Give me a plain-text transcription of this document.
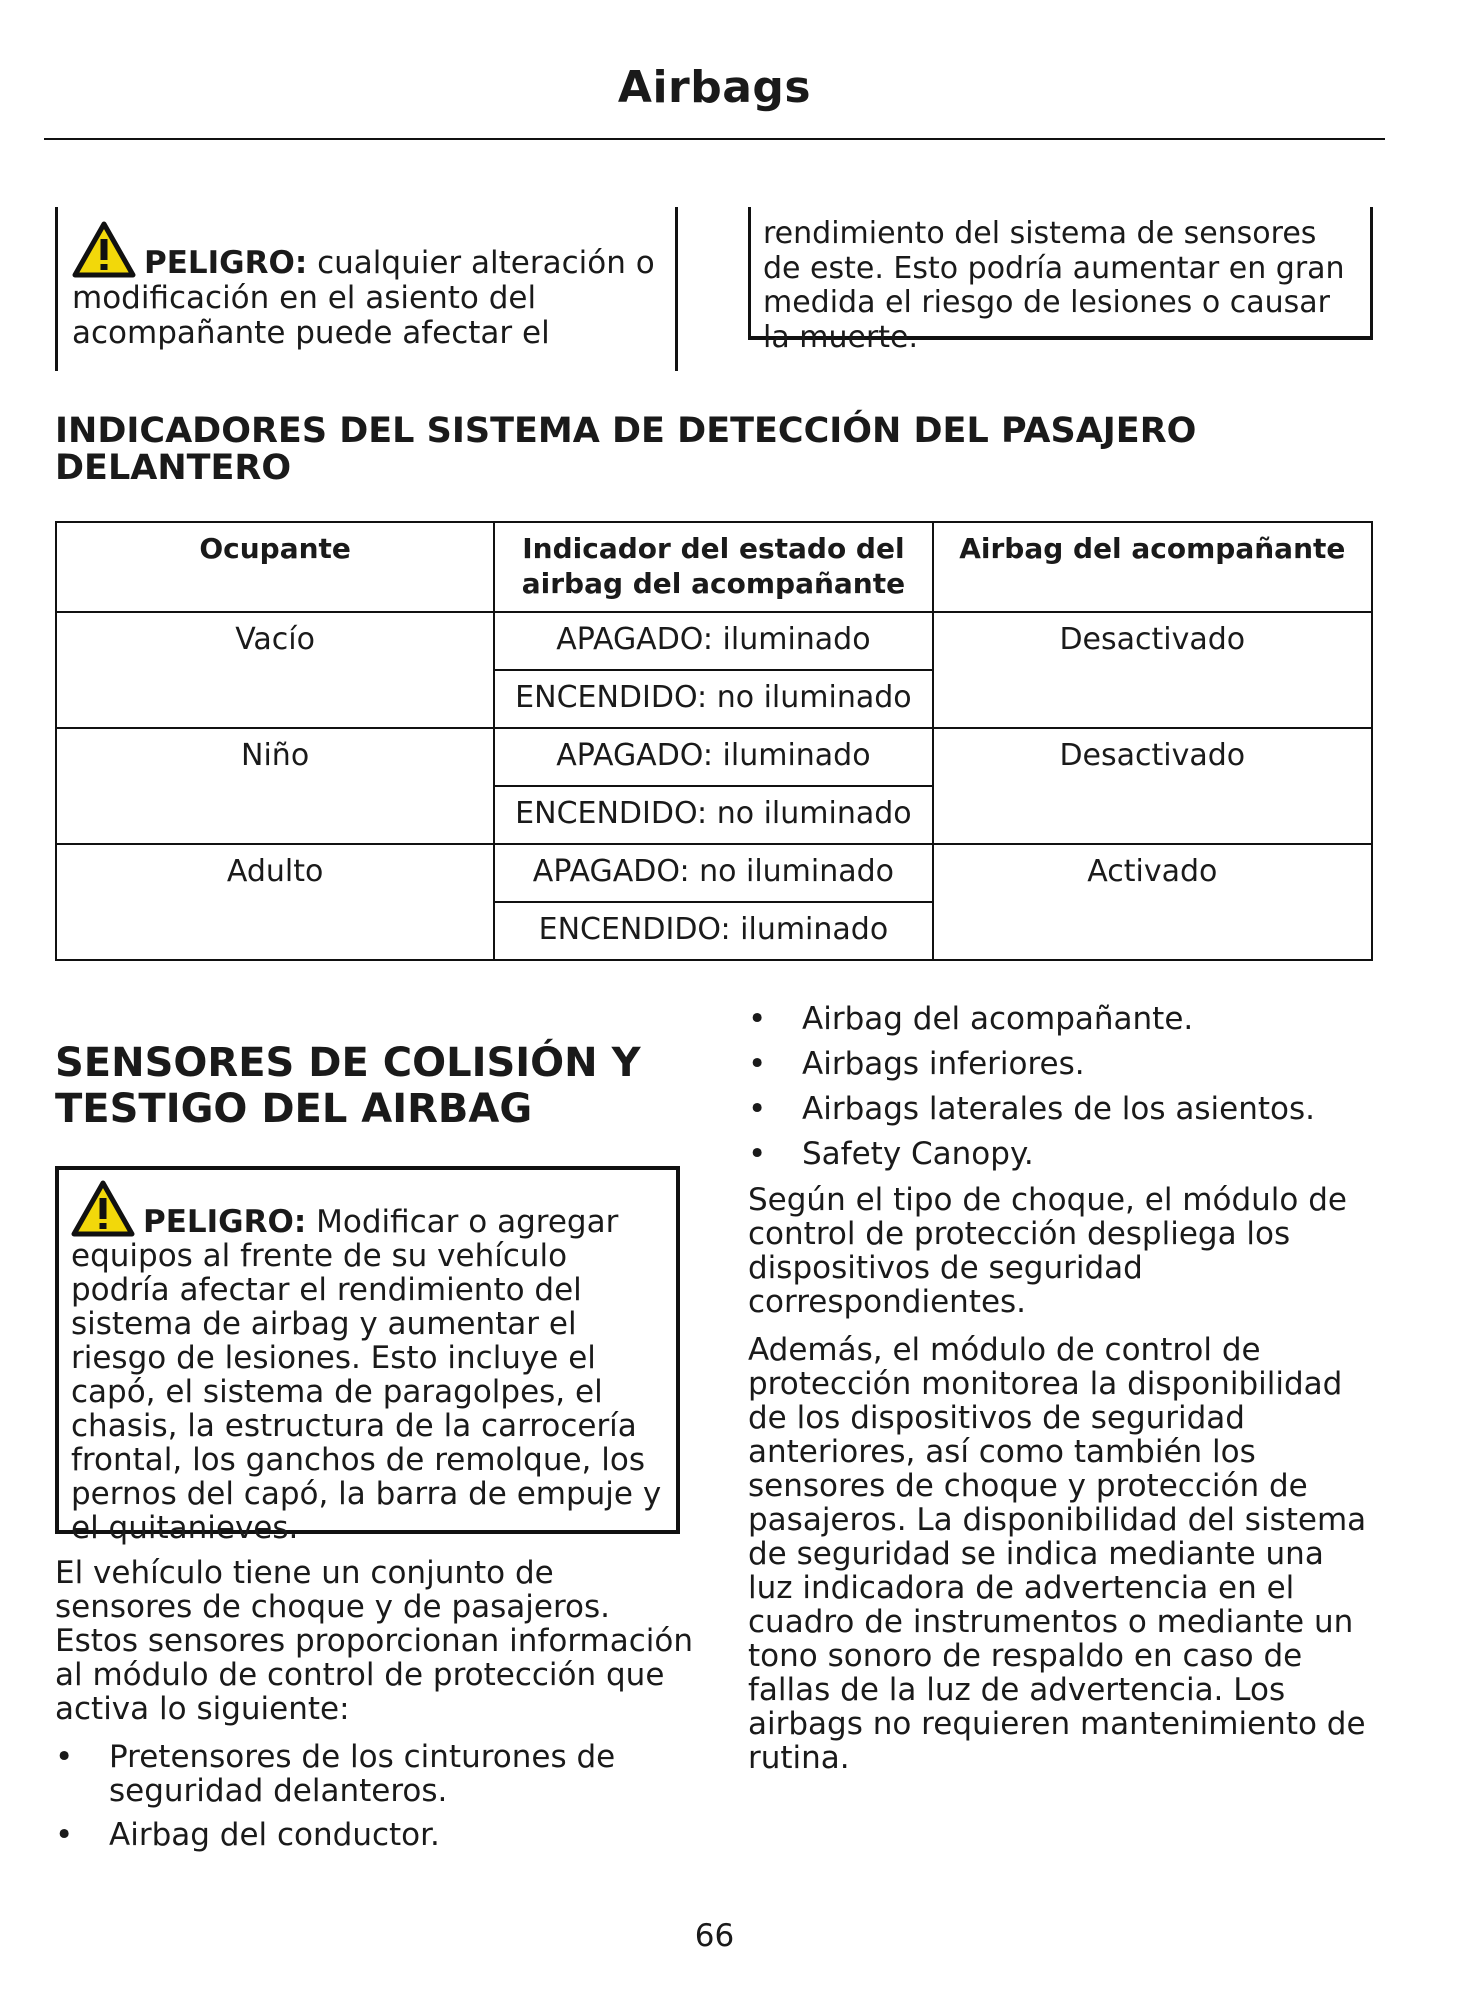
Airbags
PELIGRO: cualquier alteración o modificación en el asiento del acompañante puede afectar el
rendimiento del sistema de sensores de este. Esto podría aumentar en gran medida el riesgo de lesiones o causar la muerte.
INDICADORES DEL SISTEMA DE DETECCIÓN DEL PASAJERO DELANTERO
Ocupante	Indicador del estado del airbag del acompañante	Airbag del acompañante
Vacío	APAGADO: iluminado	Desactivado
	ENCENDIDO: no iluminado	
Niño	APAGADO: iluminado	Desactivado
	ENCENDIDO: no iluminado	
Adulto	APAGADO: no iluminado	Activado
	ENCENDIDO: iluminado	
SENSORES DE COLISIÓN Y TESTIGO DEL AIRBAG
PELIGRO: Modificar o agregar equipos al frente de su vehículo podría afectar el rendimiento del sistema de airbag y aumentar el riesgo de lesiones. Esto incluye el capó, el sistema de paragolpes, el chasis, la estructura de la carrocería frontal, los ganchos de remolque, los pernos del capó, la barra de empuje y el quitanieves.

El vehículo tiene un conjunto de sensores de choque y de pasajeros. Estos sensores proporcionan información al módulo de control de protección que activa lo siguiente:

• Pretensores de los cinturones de seguridad delanteros.
• Airbag del conductor.
• Airbag del acompañante.
• Airbags inferiores.
• Airbags laterales de los asientos.
• Safety Canopy.

Según el tipo de choque, el módulo de control de protección despliega los dispositivos de seguridad correspondientes.

Además, el módulo de control de protección monitorea la disponibilidad de los dispositivos de seguridad anteriores, así como también los sensores de choque y protección de pasajeros. La disponibilidad del sistema de seguridad se indica mediante una luz indicadora de advertencia en el cuadro de instrumentos o mediante un tono sonoro de respaldo en caso de fallas de la luz de advertencia. Los airbags no requieren mantenimiento de rutina.

66
